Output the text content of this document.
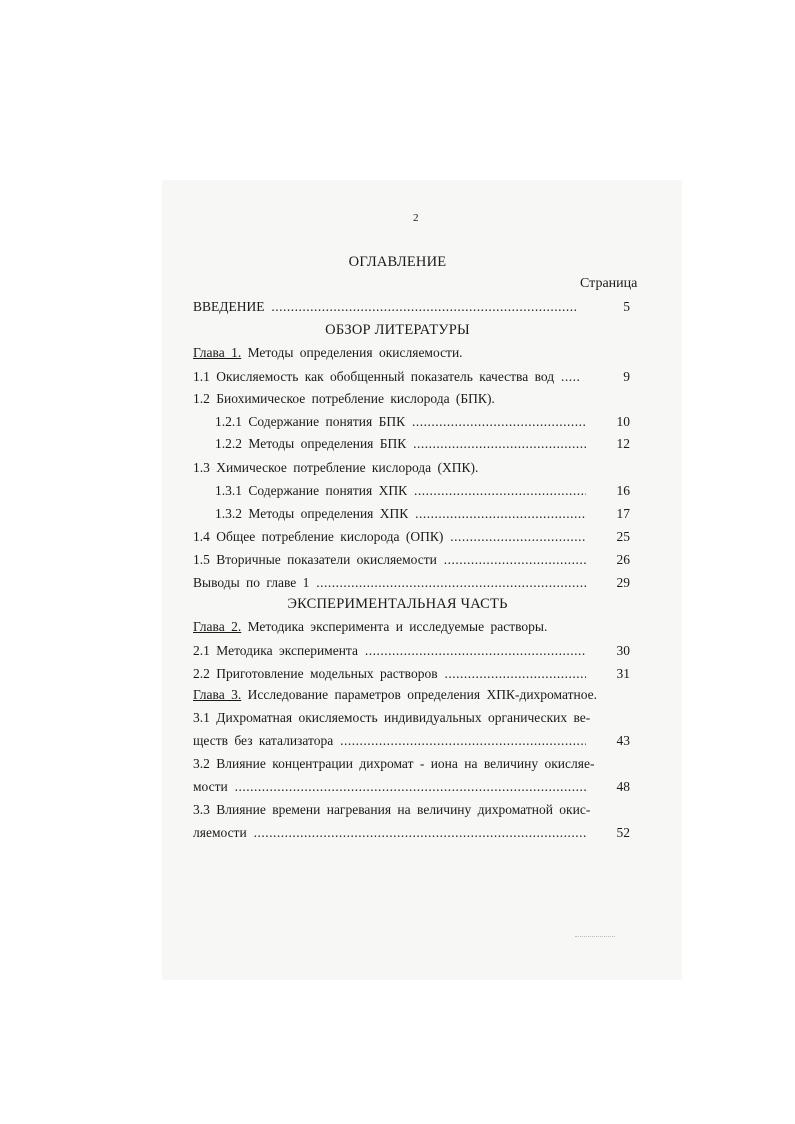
2
ОГЛАВЛЕНИЕ
Страница
ВВЕДЕНИЕ .....	5
ОБЗОР ЛИТЕРАТУРЫ
Глава 1. Методы определения окисляемости.
1.1 Окисляемость как обобщенный показатель качества вод .....	9
1.2 Биохимическое потребление кислорода (БПК).
1.2.1 Содержание понятия БПК .....	10
1.2.2 Методы определения БПК .....	12
1.3 Химическое потребление кислорода (ХПК).
1.3.1 Содержание понятия ХПК .....	16
1.3.2 Методы определения ХПК .....	17
1.4 Общее потребление кислорода (ОПК) .....	25
1.5 Вторичные показатели окисляемости .....	26
Выводы по главе 1 .....	29
ЭКСПЕРИМЕНТАЛЬНАЯ ЧАСТЬ
Глава 2. Методика эксперимента и исследуемые растворы.
2.1 Методика эксперимента .....	30
2.2 Приготовление модельных растворов .....	31
Глава 3. Исследование параметров определения ХПК-дихроматное.
3.1 Дихроматная окисляемость индивидуальных органических ве-
ществ без катализатора .....	43
3.2 Влияние концентрации дихромат - иона на величину окисляе-
мости .....	48
3.3 Влияние времени нагревания на величину дихроматной окис-
ляемости .....	52
